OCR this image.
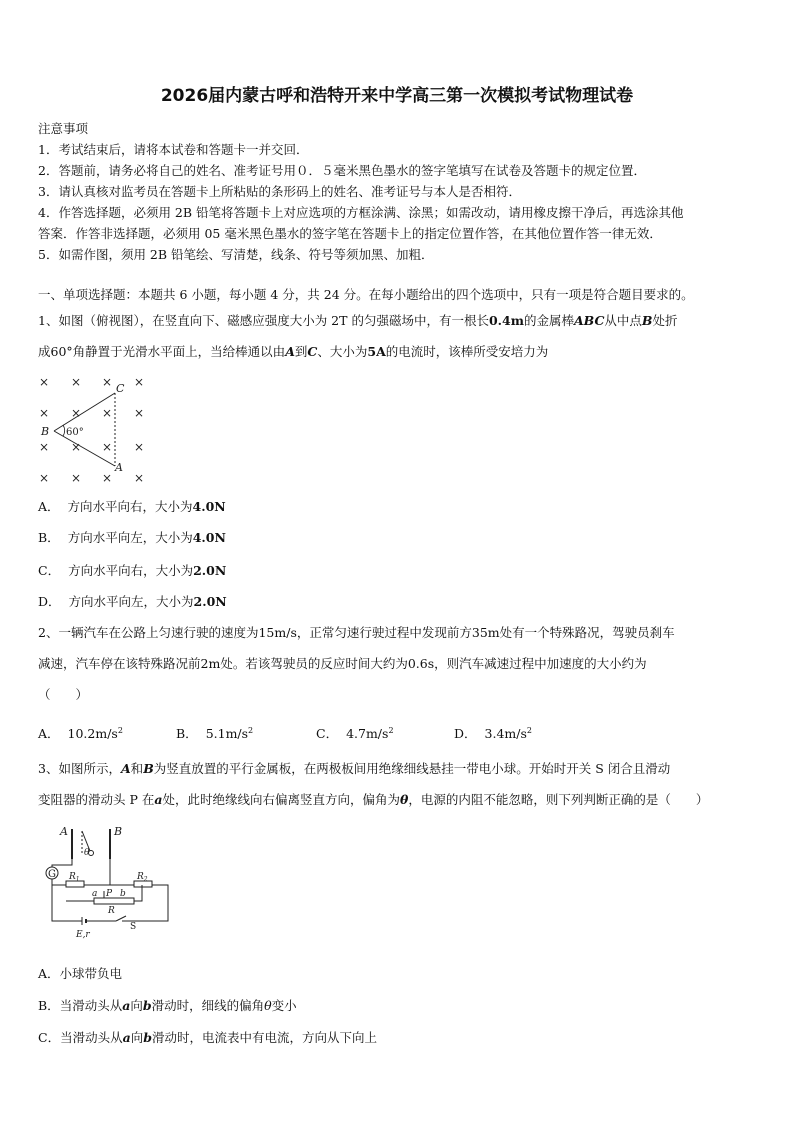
2026届内蒙古呼和浩特开来中学高三第一次模拟考试物理试卷
注意事项
1．考试结束后，请将本试卷和答题卡一并交回．
2．答题前，请务必将自己的姓名、准考证号用０．５毫米黑色墨水的签字笔填写在试卷及答题卡的规定位置．
3．请认真核对监考员在答题卡上所粘贴的条形码上的姓名、准考证号与本人是否相符．
4．作答选择题，必须用 2B 铅笔将答题卡上对应选项的方框涂满、涂黑；如需改动，请用橡皮擦干净后，再选涂其他
答案．作答非选择题，必须用 05 毫米黑色墨水的签字笔在答题卡上的指定位置作答，在其他位置作答一律无效．
5．如需作图，须用 2B 铅笔绘、写清楚，线条、符号等须加黑、加粗．
一、单项选择题：本题共 6 小题，每小题 4 分，共 24 分。在每小题给出的四个选项中，只有一项是符合题目要求的。
1、如图（俯视图），在竖直向下、磁感应强度大小为 2T 的匀强磁场中，有一根长0.4m的金属棒ABC从中点B处折
成60°角静置于光滑水平面上，当给棒通以由A到C、大小为5A的电流时，该棒所受安培力为
× × × ×
× × × ×
× × × ×
× × × ×
60°
B
C
A
A． 方向水平向右，大小为4.0N
B． 方向水平向左，大小为4.0N
C． 方向水平向右，大小为2.0N
D． 方向水平向左，大小为2.0N
2、一辆汽车在公路上匀速行驶的速度为15m/s，正常匀速行驶过程中发现前方35m处有一个特殊路况，驾驶员刹车
减速，汽车停在该特殊路况前2m处。若该驾驶员的反应时间大约为0.6s，则汽车减速过程中加速度的大小约为
（　　）
A． $10.2m/s^2$	B． $5.1m/s^2$	C． $4.7m/s^2$	D． $3.4m/s^2$
3、如图所示，A和B为竖直放置的平行金属板，在两极板间用绝缘细线悬挂一带电小球。开始时开关 S 闭合且滑动
变阻器的滑动头 P 在a处，此时绝缘线向右偏离竖直方向，偏角为θ，电源的内阻不能忽略，则下列判断正确的是（　　）
A	B
G
θ
$R_1$	$R_2$
a P b
R
E,r
S
A．小球带负电
B．当滑动头从a向b滑动时，细线的偏角θ变小
C．当滑动头从a向b滑动时，电流表中有电流，方向从下向上
